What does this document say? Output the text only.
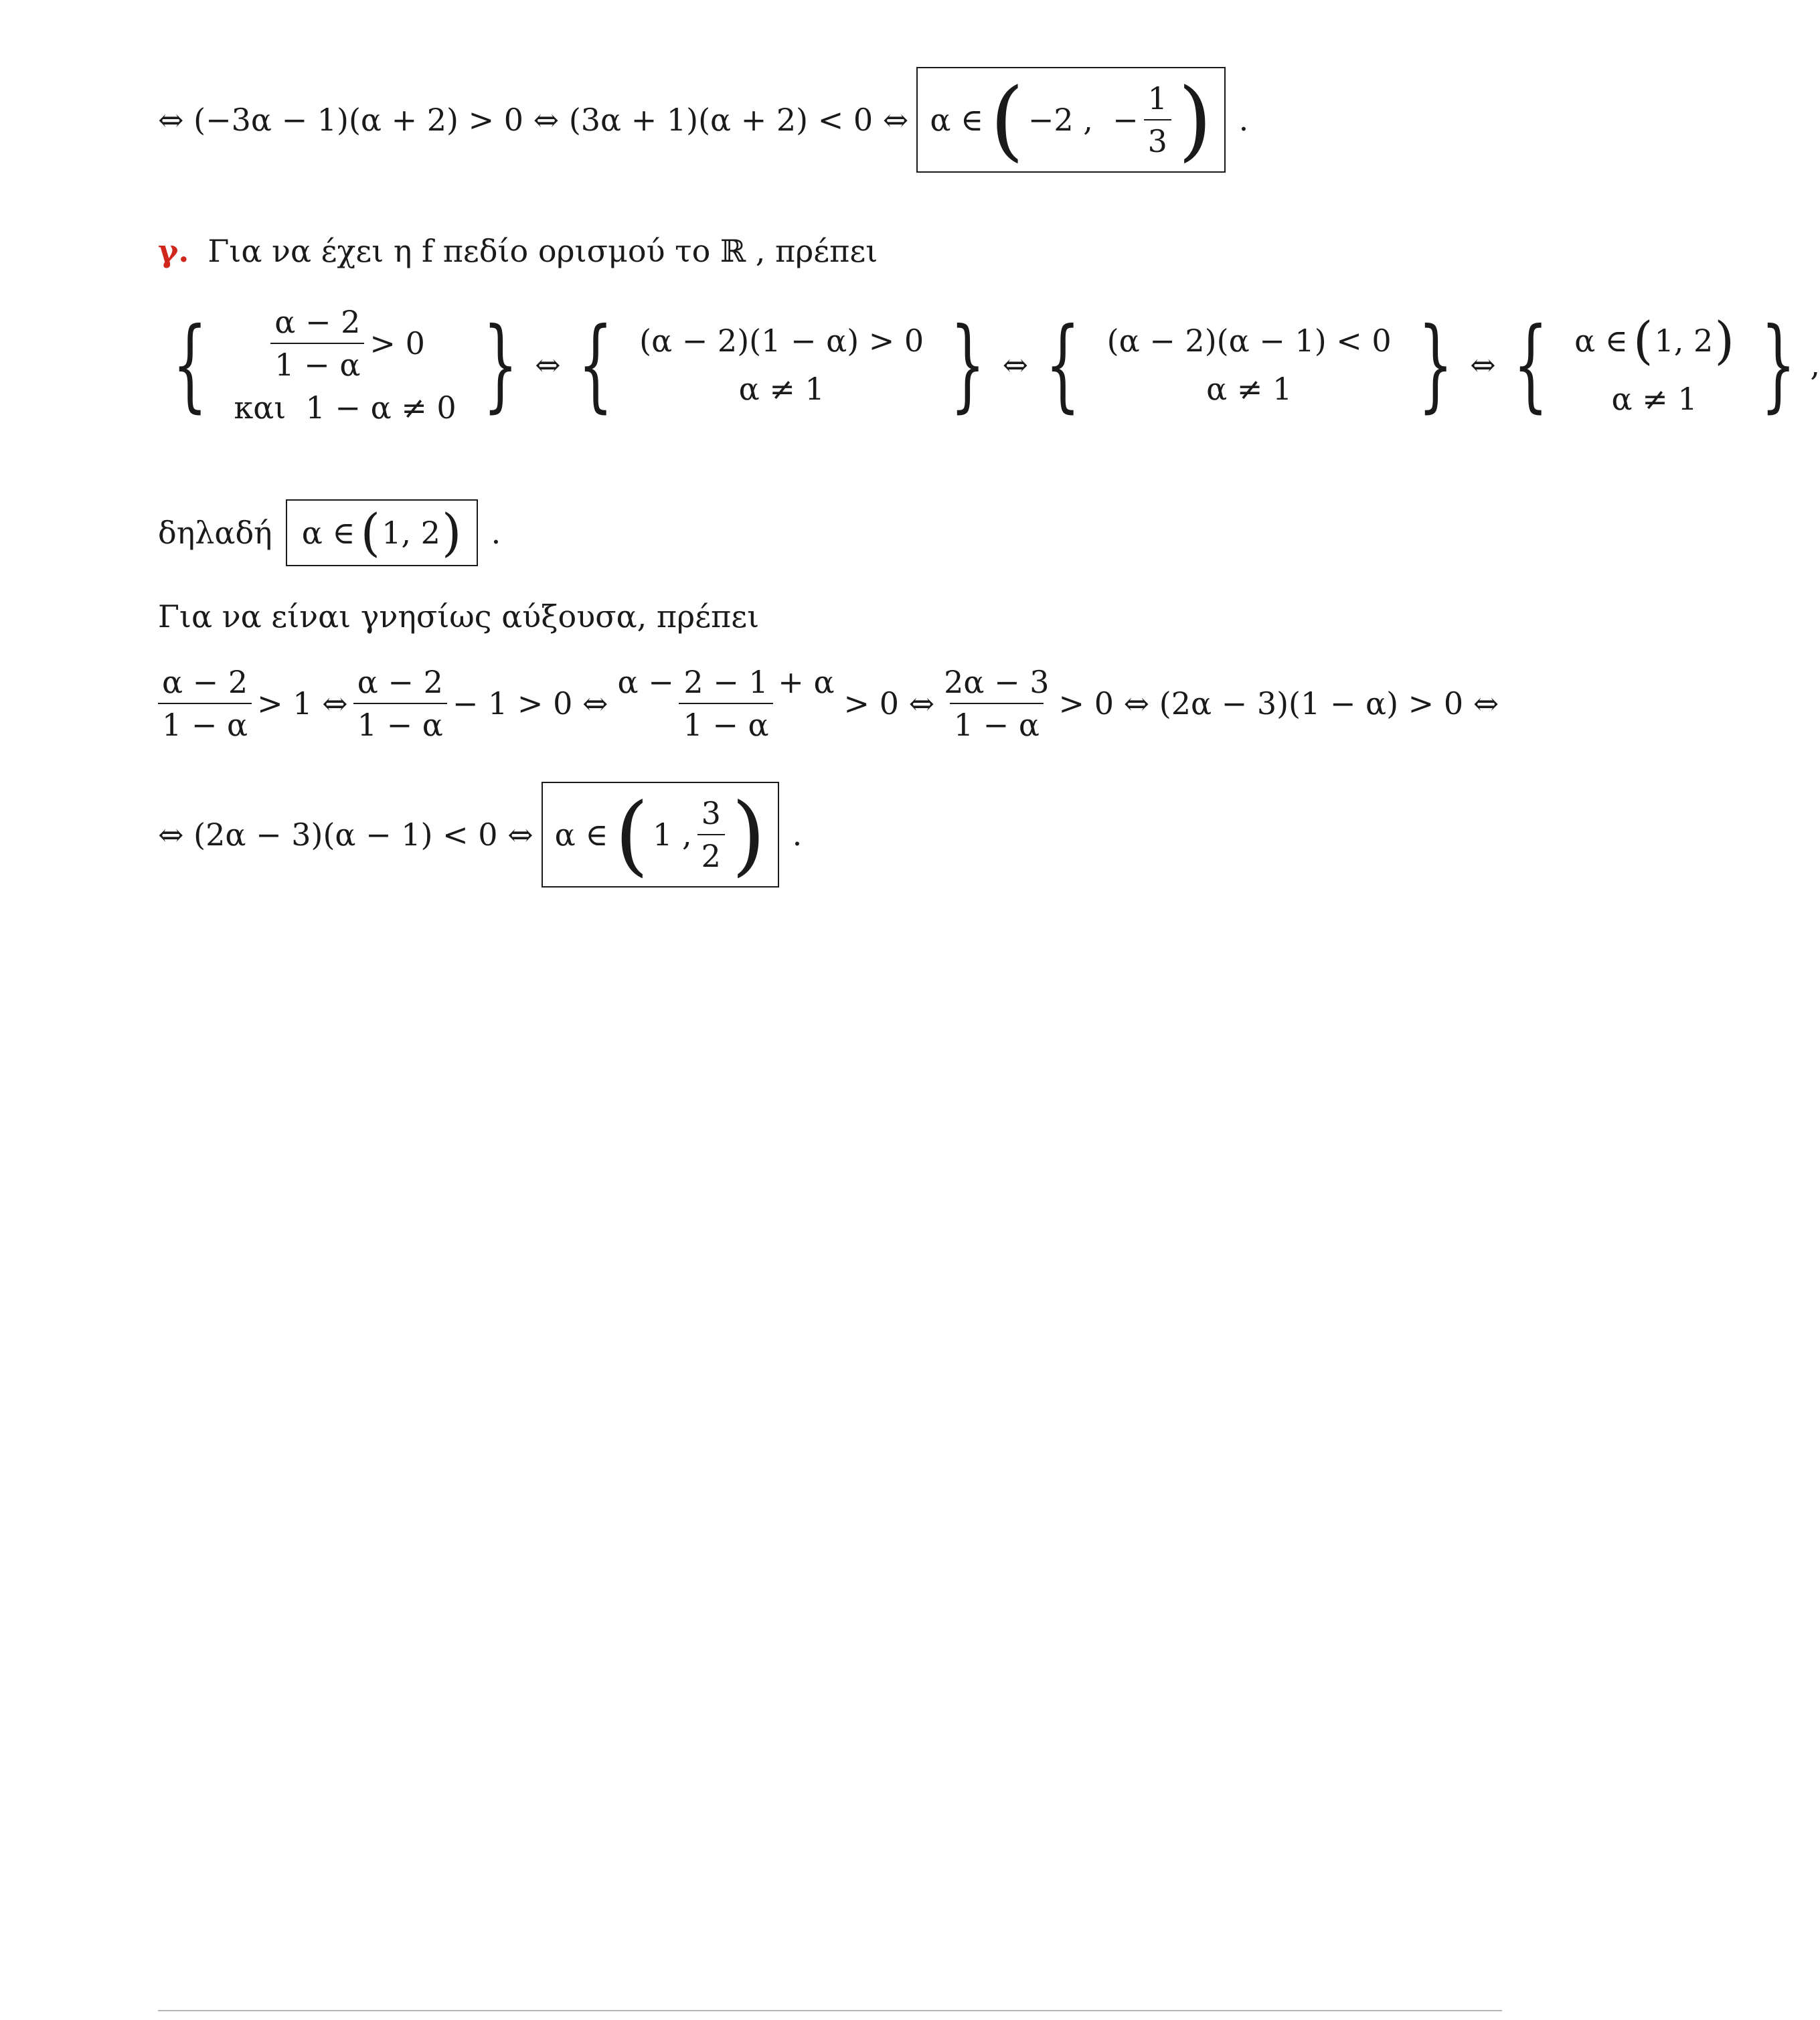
⇔ (−3α − 1)(α + 2) > 0 ⇔ (3α + 1)(α + 2) < 0 ⇔ α ∈ ( −2 ,  − $\frac{1}{3}$ ) .
γ. Για να έχει η f πεδίο ορισμού το ℝ , πρέπει
{ $\frac{\alpha - 2}{1 - \alpha} > 0$
και  1 − α ≠ 0 } ⇔ { (α − 2)(1 − α) > 0
α ≠ 1 } ⇔ { (α − 2)(α − 1) < 0
α ≠ 1 } ⇔ { α ∈ ( 1, 2 )
α ≠ 1 } ,
δηλαδή α ∈ ( 1, 2 ) .
Για να είναι γνησίως αύξουσα, πρέπει
$\frac{\alpha - 2}{1 - \alpha} > 1$ ⇔ $\frac{\alpha - 2}{1 - \alpha} - 1 > 0$ ⇔ $\frac{\alpha - 2 - 1 + \alpha}{1 - \alpha} > 0$ ⇔ $\frac{2\alpha - 3}{1 - \alpha} > 0$ ⇔ (2α − 3)(1 − α) > 0 ⇔
⇔ (2α − 3)(α − 1) < 0 ⇔ α ∈ ( 1 , $\frac{3}{2}$ ) .
